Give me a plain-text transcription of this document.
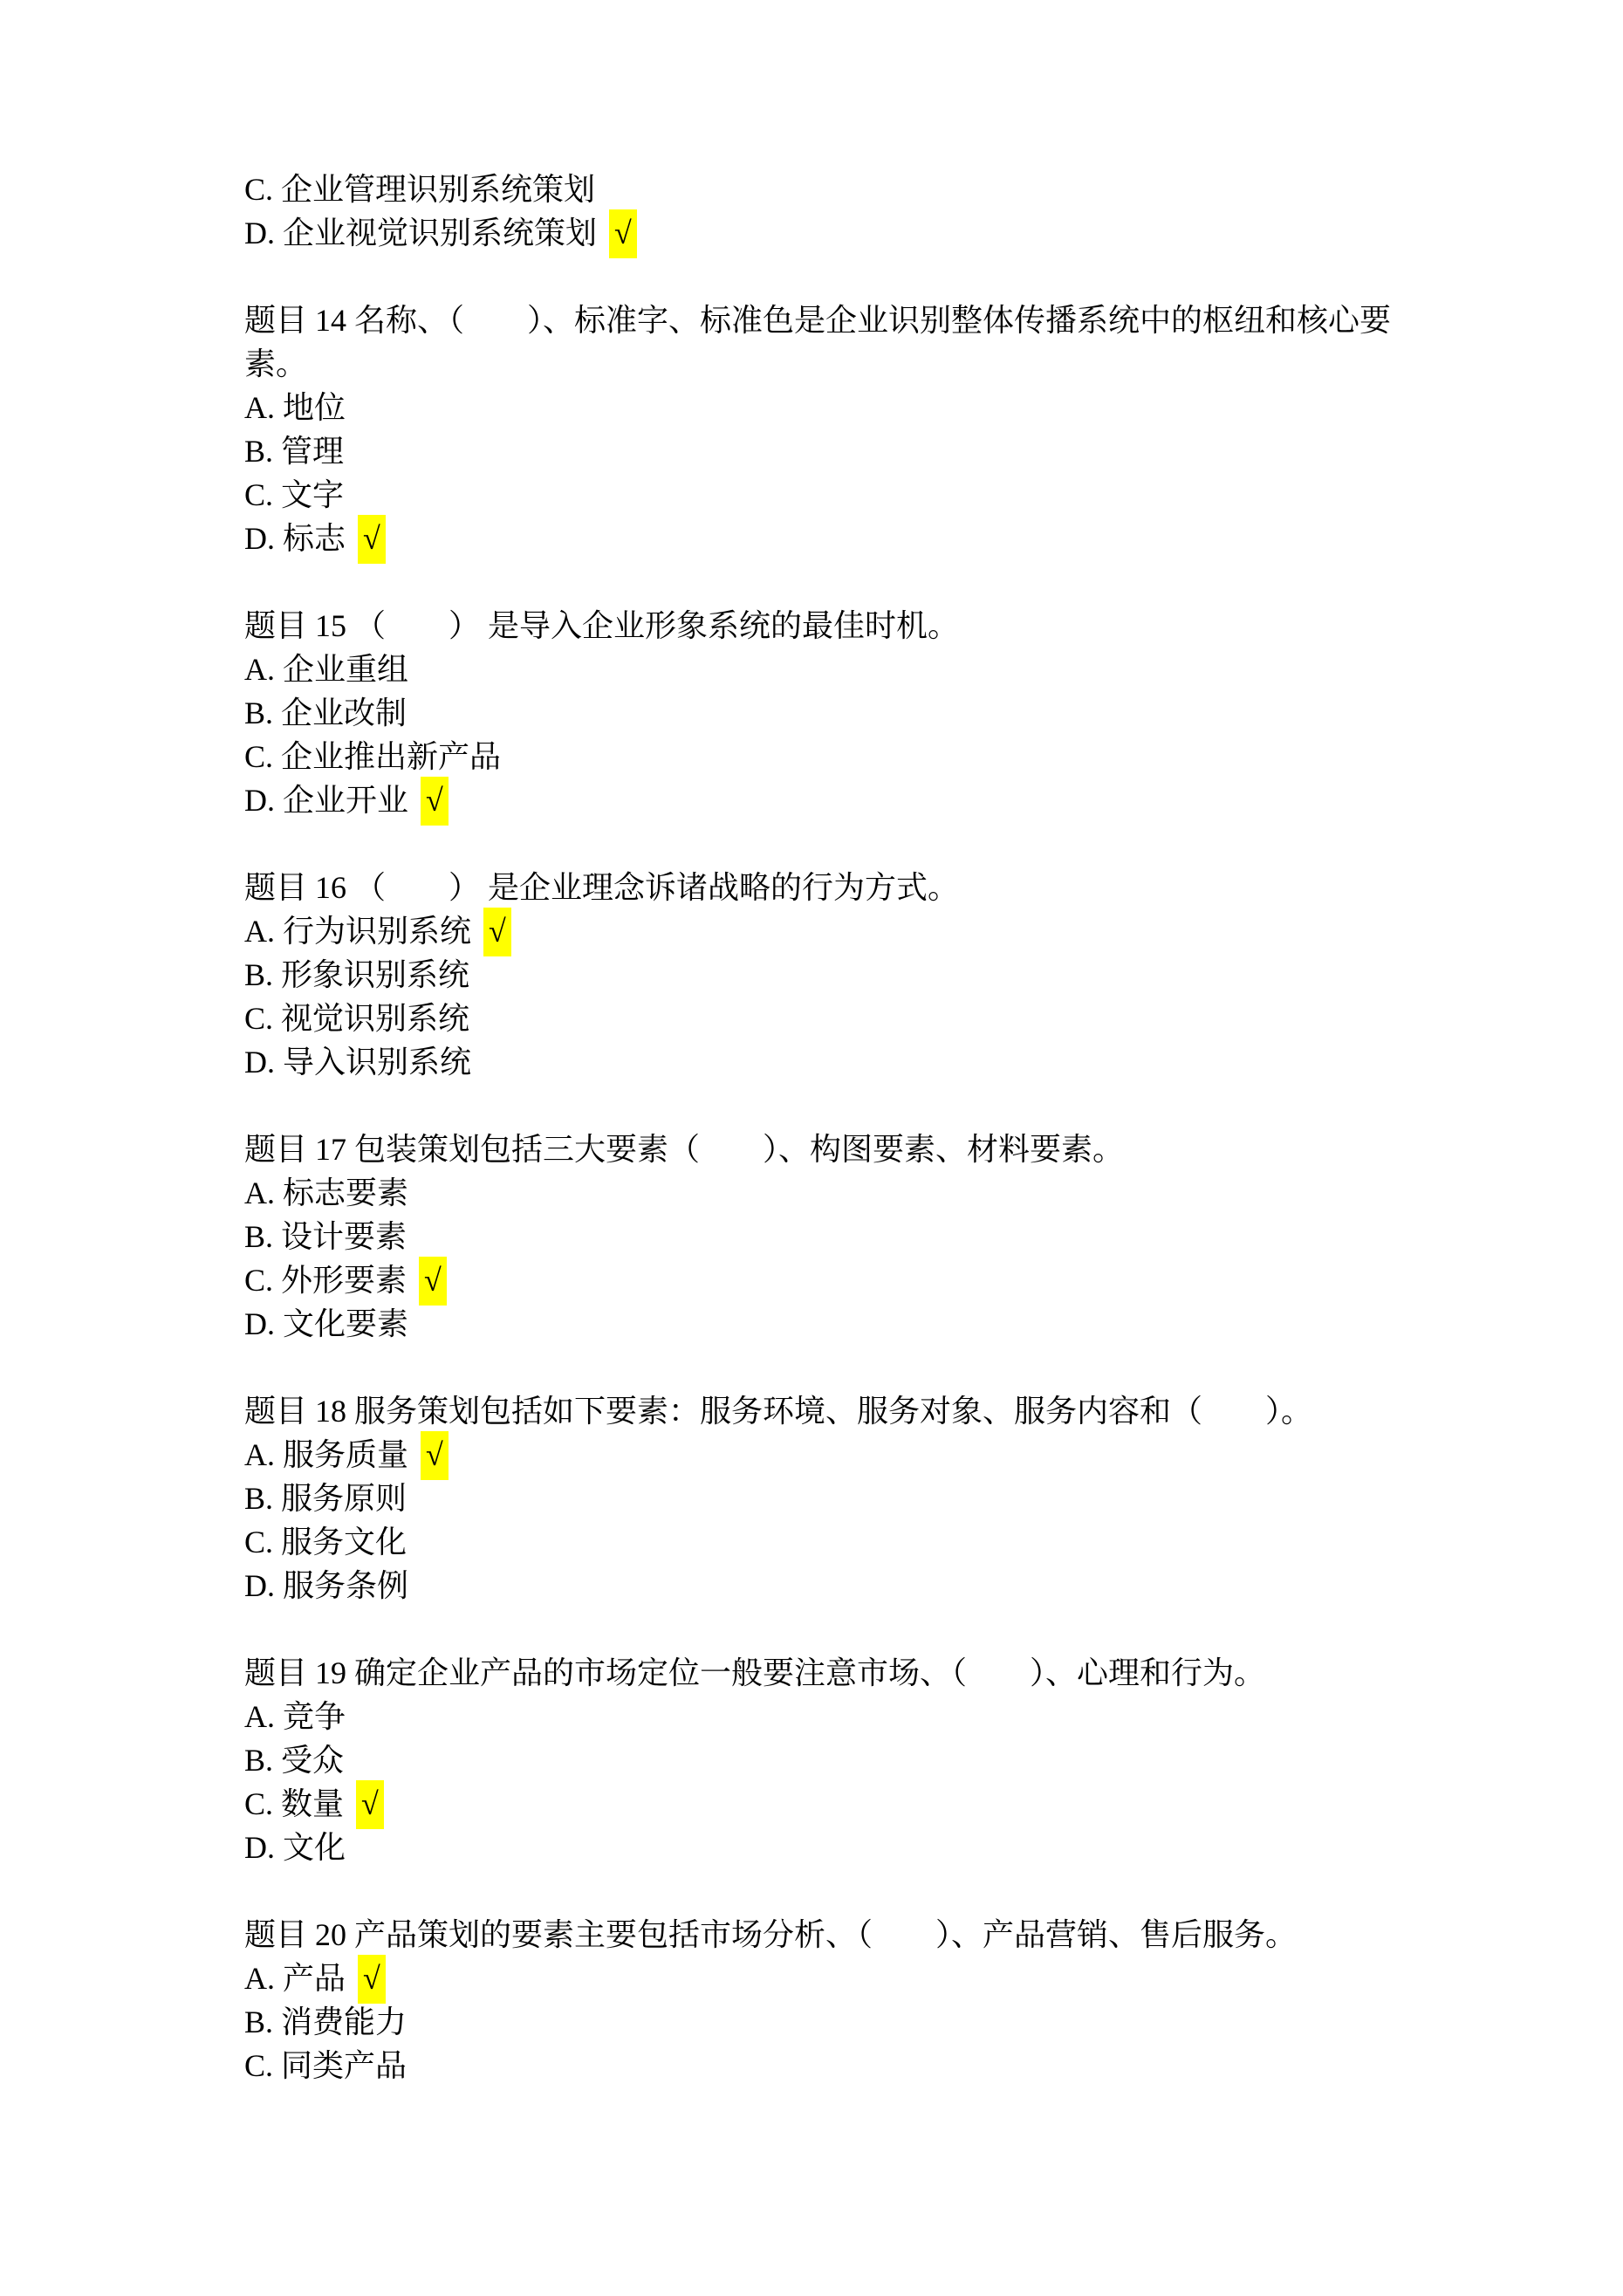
C. 企业管理识别系统策划
D. 企业视觉识别系统策划 √

题目 14 名称、（　　）、标准字、标准色是企业识别整体传播系统中的枢纽和核心要素。

A. 地位
B. 管理
C. 文字
D. 标志 √

题目 15 （　　） 是导入企业形象系统的最佳时机。

A. 企业重组
B. 企业改制
C. 企业推出新产品
D. 企业开业 √

题目 16 （　　） 是企业理念诉诸战略的行为方式。

A. 行为识别系统 √
B. 形象识别系统
C. 视觉识别系统
D. 导入识别系统

题目 17 包装策划包括三大要素（　　）、构图要素、材料要素。

A. 标志要素
B. 设计要素
C. 外形要素 √
D. 文化要素

题目 18 服务策划包括如下要素：服务环境、服务对象、服务内容和（　　）。

A. 服务质量 √
B. 服务原则
C. 服务文化
D. 服务条例

题目 19 确定企业产品的市场定位一般要注意市场、（　　）、心理和行为。

A. 竞争
B. 受众
C. 数量 √
D. 文化

题目 20 产品策划的要素主要包括市场分析、（　　）、产品营销、售后服务。

A. 产品 √
B. 消费能力
C. 同类产品
